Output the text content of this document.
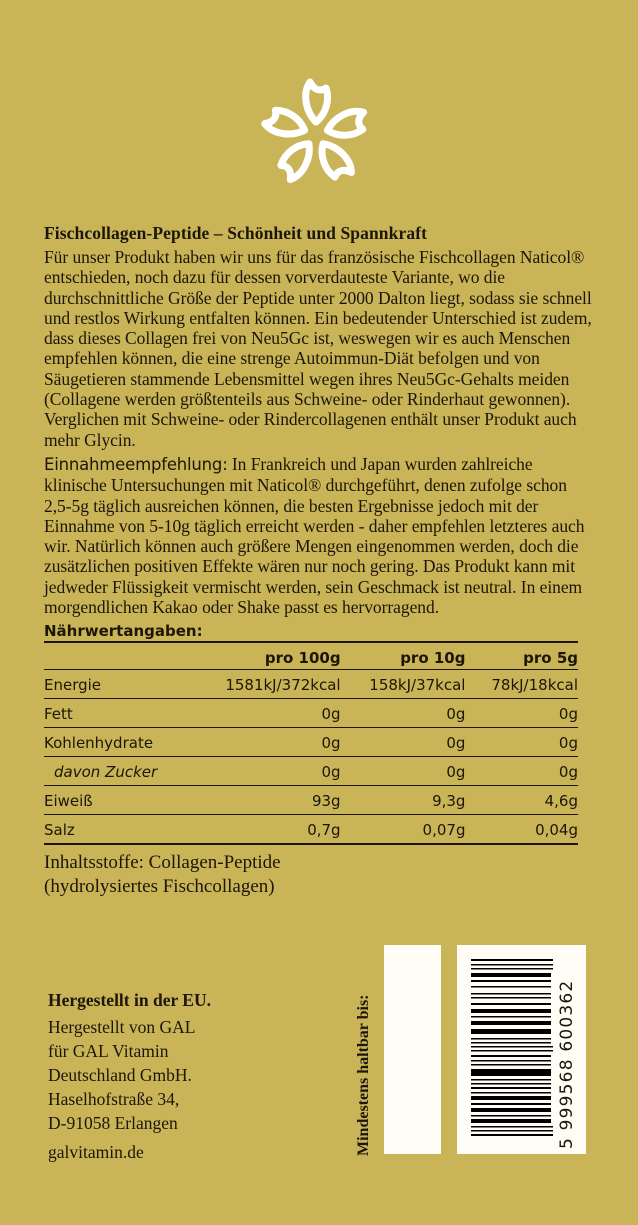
Fischcollagen-Peptide – Schönheit und Spannkraft

Für unser Produkt haben wir uns für das französische Fischcollagen Naticol® entschieden, noch dazu für dessen vorverdauteste Variante, wo die durchschnittliche Größe der Peptide unter 2000 Dalton liegt, sodass sie schnell und restlos Wirkung entfalten können. Ein bedeutender Unterschied ist zudem, dass dieses Collagen frei von Neu5Gc ist, weswegen wir es auch Menschen empfehlen können, die eine strenge Autoimmun-Diät befolgen und von Säugetieren stammende Lebensmittel wegen ihres Neu5Gc-Gehalts meiden (Collagene werden größtenteils aus Schweine- oder Rinderhaut gewonnen). Verglichen mit Schweine- oder Rindercollagenen enthält unser Produkt auch mehr Glycin.

Einnahmeempfehlung: In Frankreich und Japan wurden zahlreiche klinische Untersuchungen mit Naticol® durchgeführt, denen zufolge schon 2,5-5g täglich ausreichen können, die besten Ergebnisse jedoch mit der Einnahme von 5-10g täglich erreicht werden - daher empfehlen letzteres auch wir. Natürlich können auch größere Mengen eingenommen werden, doch die zusätzlichen positiven Effekte wären nur noch gering. Das Produkt kann mit jedweder Flüssigkeit vermischt werden, sein Geschmack ist neutral. In einem morgendlichen Kakao oder Shake passt es hervorragend.

Nährwertangaben:
	pro 100g	pro 10g	pro 5g
Energie	1581kJ/372kcal	158kJ/37kcal	78kJ/18kcal
Fett	0g	0g	0g
Kohlenhydrate	0g	0g	0g
davon Zucker	0g	0g	0g
Eiweiß	93g	9,3g	4,6g
Salz	0,7g	0,07g	0,04g
Inhaltsstoffe: Collagen-Peptide
(hydrolysiertes Fischcollagen)
Hergestellt in der EU.
Hergestellt von GAL
für GAL Vitamin
Deutschland GmbH.
Haselhofstraße 34,
D-91058 Erlangen
galvitamin.de	Mindestens haltbar bis:	5 999568 600362
